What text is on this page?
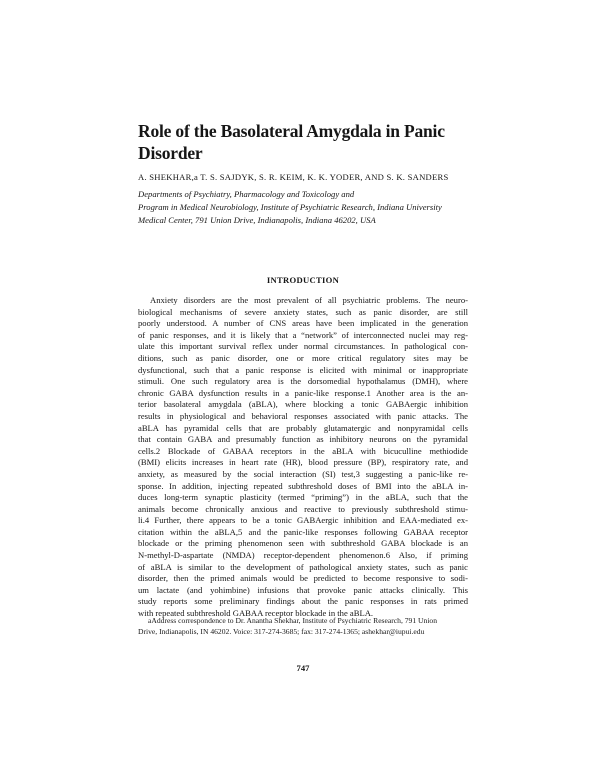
Role of the Basolateral Amygdala in Panic
Disorder

A. SHEKHAR,a T. S. SAJDYK, S. R. KEIM, K. K. YODER, AND S. K. SANDERS

Departments of Psychiatry, Pharmacology and Toxicology and
Program in Medical Neurobiology, Institute of Psychiatric Research, Indiana University
Medical Center, 791 Union Drive, Indianapolis, Indiana 46202, USA

INTRODUCTION

Anxiety disorders are the most prevalent of all psychiatric problems. The neuro-
biological mechanisms of severe anxiety states, such as panic disorder, are still
poorly understood. A number of CNS areas have been implicated in the generation
of panic responses, and it is likely that a “network” of interconnected nuclei may reg-
ulate this important survival reflex under normal circumstances. In pathological con-
ditions, such as panic disorder, one or more critical regulatory sites may be
dysfunctional, such that a panic response is elicited with minimal or inappropriate
stimuli. One such regulatory area is the dorsomedial hypothalamus (DMH), where
chronic GABA dysfunction results in a panic-like response.1 Another area is the an-
terior basolateral amygdala (aBLA), where blocking a tonic GABAergic inhibition
results in physiological and behavioral responses associated with panic attacks. The
aBLA has pyramidal cells that are probably glutamatergic and nonpyramidal cells
that contain GABA and presumably function as inhibitory neurons on the pyramidal
cells.2 Blockade of GABAA receptors in the aBLA with bicuculline methiodide
(BMI) elicits increases in heart rate (HR), blood pressure (BP), respiratory rate, and
anxiety, as measured by the social interaction (SI) test,3 suggesting a panic-like re-
sponse. In addition, injecting repeated subthreshold doses of BMI into the aBLA in-
duces long-term synaptic plasticity (termed “priming”) in the aBLA, such that the
animals become chronically anxious and reactive to previously subthreshold stimu-
li.4 Further, there appears to be a tonic GABAergic inhibition and EAA-mediated ex-
citation within the aBLA,5 and the panic-like responses following GABAA receptor
blockade or the priming phenomenon seen with subthreshold GABA blockade is an
N-methyl-D-aspartate (NMDA) receptor-dependent phenomenon.6 Also, if priming
of aBLA is similar to the development of pathological anxiety states, such as panic
disorder, then the primed animals would be predicted to become responsive to sodi-
um lactate (and yohimbine) infusions that provoke panic attacks clinically. This
study reports some preliminary findings about the panic responses in rats primed
with repeated subthreshold GABAA receptor blockade in the aBLA.

aAddress correspondence to Dr. Anantha Shekhar, Institute of Psychiatric Research, 791 Union
Drive, Indianapolis, IN 46202. Voice: 317-274-3685; fax: 317-274-1365; ashekhar@iupui.edu

747
